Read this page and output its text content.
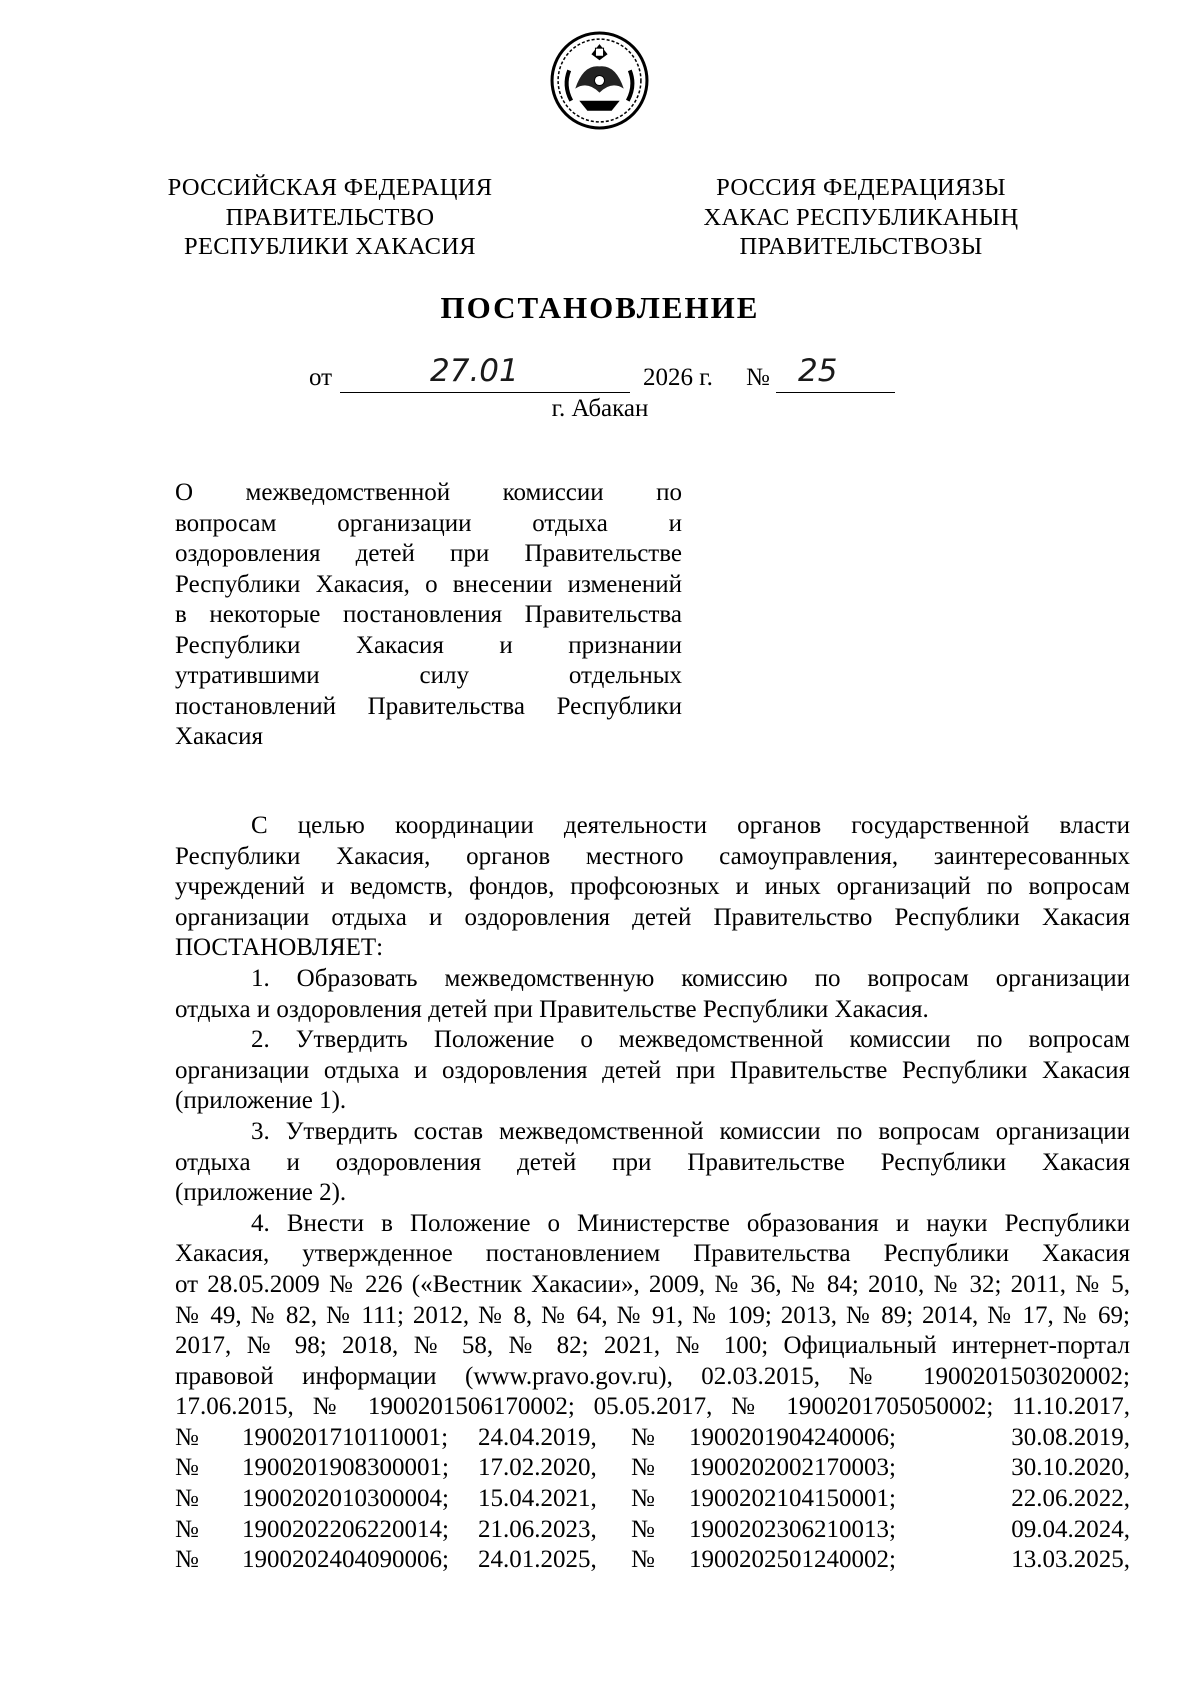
РОССИЙСКАЯ ФЕДЕРАЦИЯ
ПРАВИТЕЛЬСТВО
РЕСПУБЛИКИ ХАКАСИЯ
РОССИЯ ФЕДЕРАЦИЯЗЫ
ХАКАС РЕСПУБЛИКАНЫҢ
ПРАВИТЕЛЬСТВОЗЫ
ПОСТАНОВЛЕНИЕ
от	27.01	2026 г. № 25
г. Абакан
О межведомственной комиссии по
вопросам организации отдыха и
оздоровления детей при Правительстве
Республики Хакасия, о внесении изменений
в некоторые постановления Правительства
Республики Хакасия и признании
утратившими силу отдельных
постановлений Правительства Республики
Хакасия
С целью координации деятельности органов государственной власти
Республики Хакасия, органов местного самоуправления, заинтересованных
учреждений и ведомств, фондов, профсоюзных и иных организаций по вопросам
организации отдыха и оздоровления детей Правительство Республики Хакасия
ПОСТАНОВЛЯЕТ:
1. Образовать межведомственную комиссию по вопросам организации
отдыха и оздоровления детей при Правительстве Республики Хакасия.
2. Утвердить Положение о межведомственной комиссии по вопросам
организации отдыха и оздоровления детей при Правительстве Республики Хакасия
(приложение 1).
3. Утвердить состав межведомственной комиссии по вопросам организации
отдыха и оздоровления детей при Правительстве Республики Хакасия
(приложение 2).
4. Внести в Положение о Министерстве образования и науки Республики
Хакасия, утвержденное постановлением Правительства Республики Хакасия
от 28.05.2009 № 226 («Вестник Хакасии», 2009, № 36, № 84; 2010, № 32; 2011, № 5,
№ 49, № 82, № 111; 2012, № 8, № 64, № 91, № 109; 2013, № 89; 2014, № 17, № 69;
2017, № 98; 2018, № 58, № 82; 2021, № 100; Официальный интернет-портал
правовой информации (www.pravo.gov.ru), 02.03.2015, № 1900201503020002;
17.06.2015, № 1900201506170002; 05.05.2017, № 1900201705050002; 11.10.2017,
№	1900201710110001;	24.04.2019,	№	1900201904240006;	30.08.2019,
№	1900201908300001;	17.02.2020,	№	1900202002170003;	30.10.2020,
№	1900202010300004;	15.04.2021,	№	1900202104150001;	22.06.2022,
№	1900202206220014;	21.06.2023,	№	1900202306210013;	09.04.2024,
№	1900202404090006;	24.01.2025,	№	1900202501240002;	13.03.2025,
